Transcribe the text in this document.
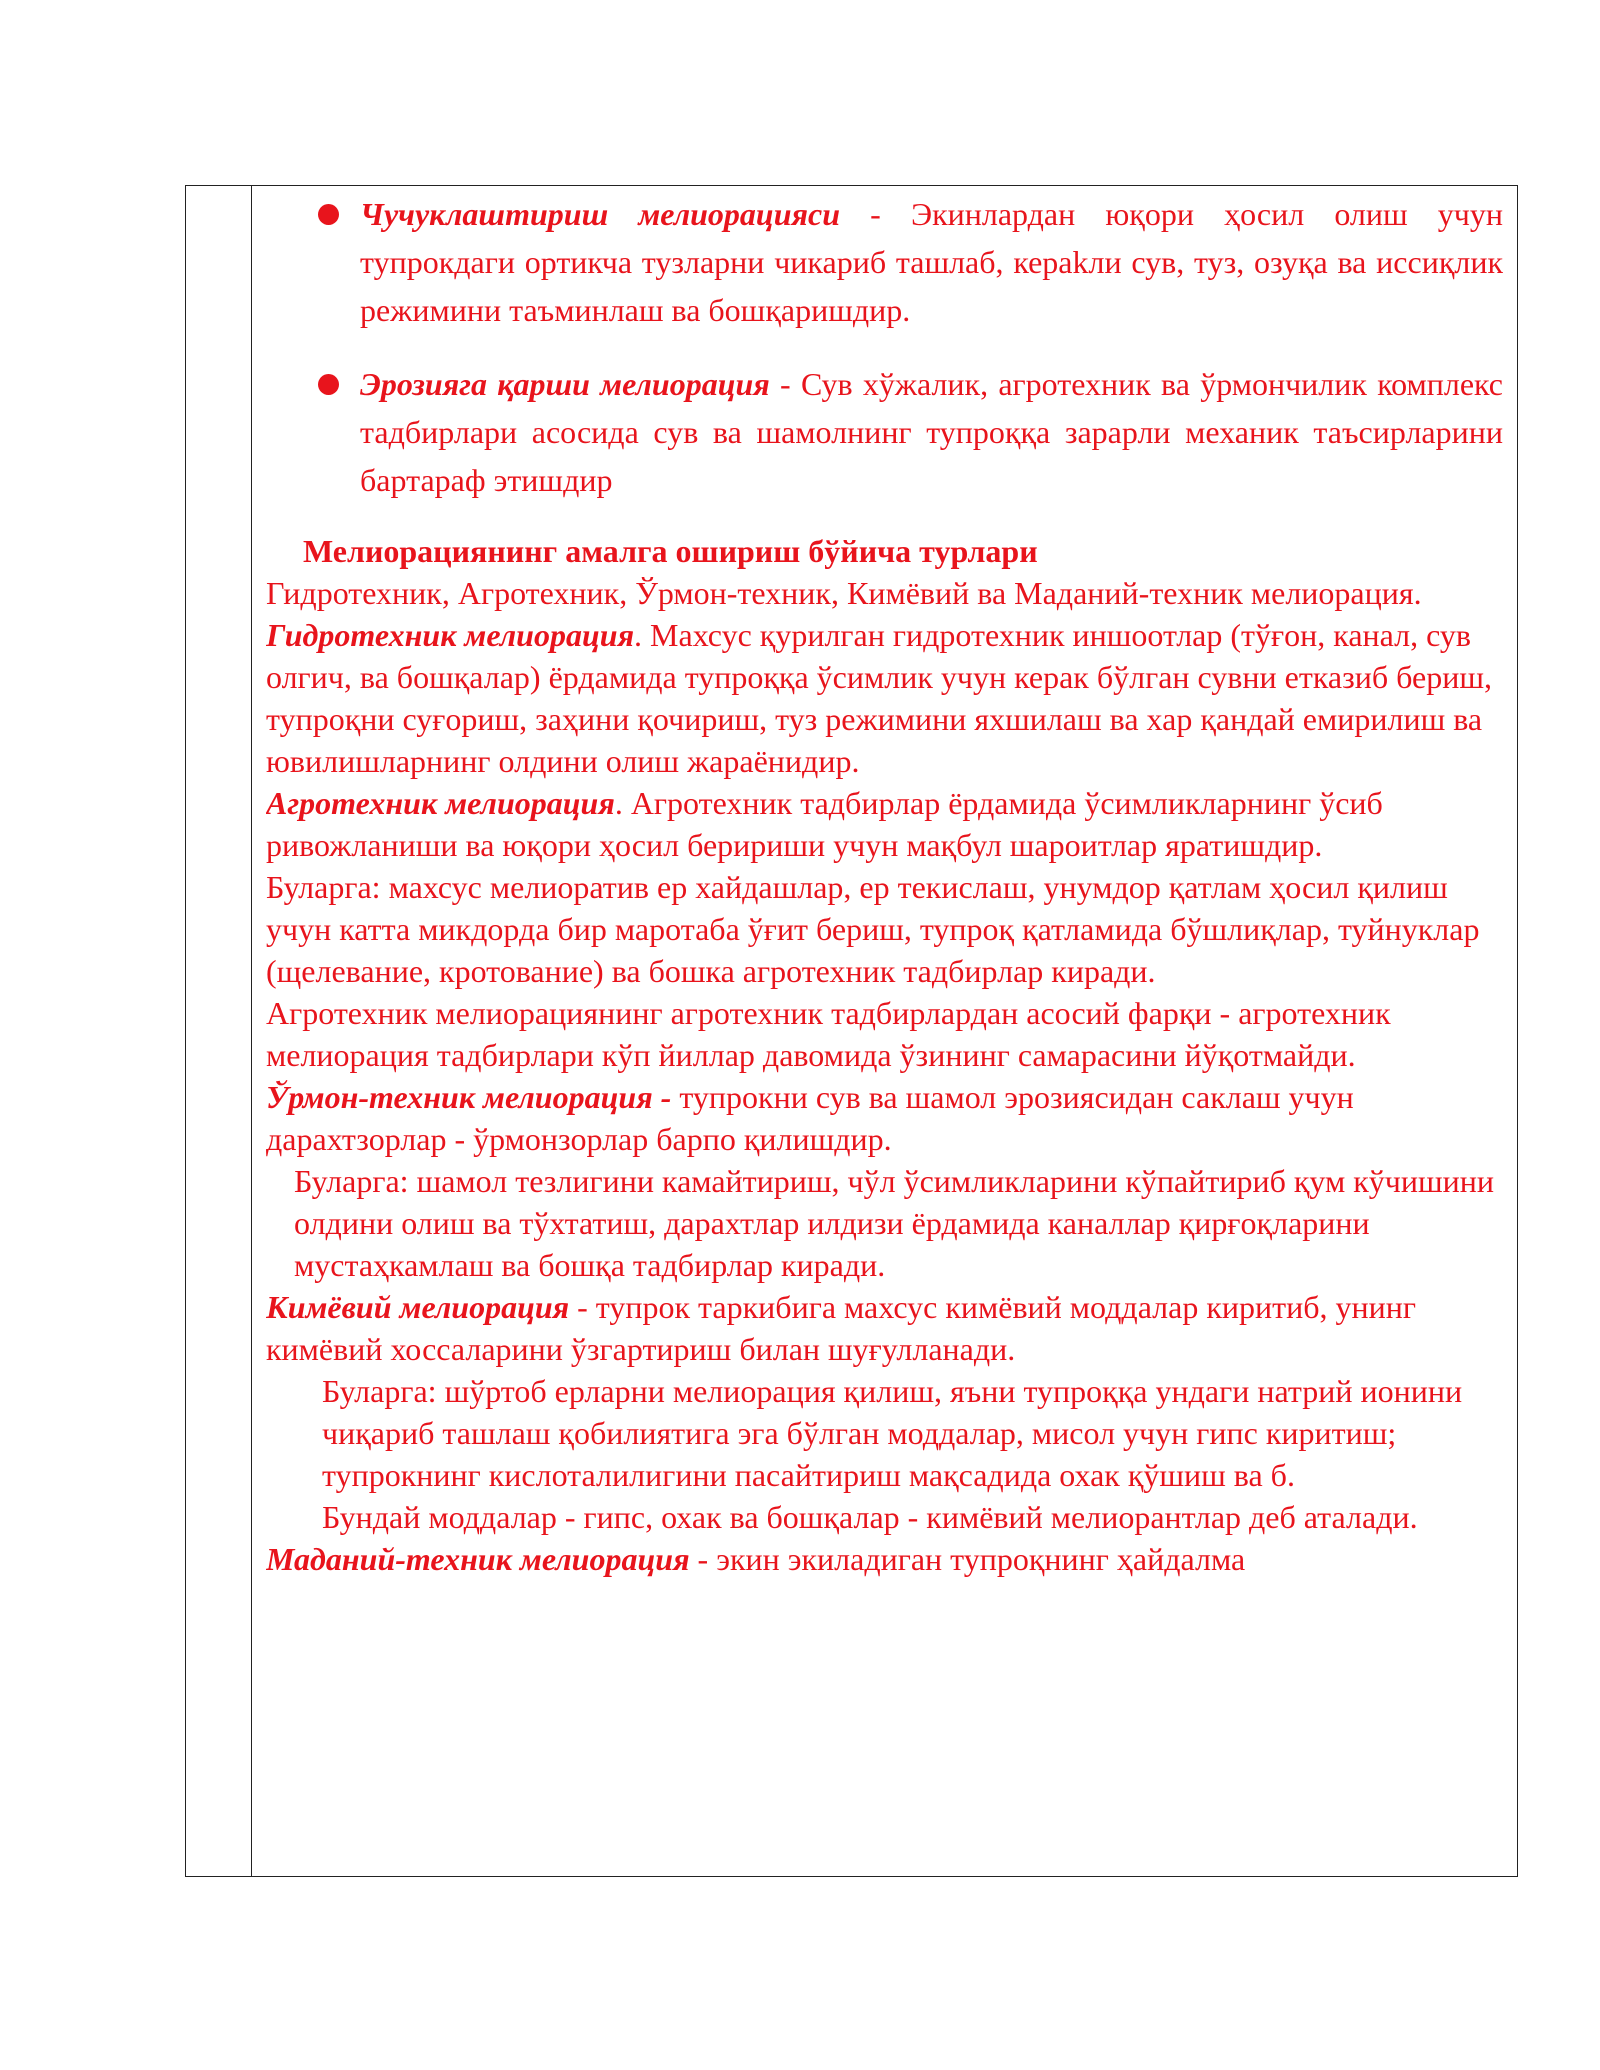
Чучуклаштириш мелиорацияси - Экинлардан юқори ҳосил олиш учун тупрокдаги ортикча тузларни чикариб ташлаб, кераkли сув, туз, озуқа ва иссиқлик режимини таъминлаш ва бошқаришдир.
Эрозияга қарши мелиорация - Сув хўжалик, агротехник ва ўрмончилик комплекс тадбирлари асосида сув ва шамолнинг тупроққа зарарли механик таъсирларини бартараф этишдир
Мелиорациянинг амалга ошириш бўйича турлари

Гидротехник, Агротехник, Ўрмон-техник, Кимёвий ва Маданий-техник мелиорация.

Гидротехник мелиорация. Махсус қурилган гидротехник иншоотлар (тўғон, канал, сув олгич, ва бошқалар) ёрдамида тупроққа ўсимлик учун керак бўлган сувни етказиб бериш, тупроқни суғориш, заҳини қочириш, туз режимини яхшилаш ва хар қандай емирилиш ва ювилишларнинг олдини олиш жараёнидир.

Агротехник мелиорация. Агротехник тадбирлар ёрдамида ўсимликларнинг ўсиб ривожланиши ва юқори ҳосил беририши учун мақбул шароитлар яратишдир.

Буларга: махсус мелиоратив ер хайдашлар, ер текислаш, унумдор қатлам ҳосил қилиш учун катта микдорда бир маротаба ўғит бериш, тупроқ қатламида бўшлиқлар, туйнуклар (щелевание, кротование) ва бошка агротехник тадбирлар киради.

Агротехник мелиорациянинг агротехник тадбирлардан асосий фарқи - агротехник мелиорация тадбирлари кўп йиллар давомида ўзининг самарасини йўқотмайди.

Ўрмон-техник мелиорация - тупрокни сув ва шамол эрозиясидан саклаш учун дарахтзорлар - ўрмонзорлар барпо қилишдир.

Буларга: шамол тезлигини камайтириш, чўл ўсимликларини кўпайтириб қум кўчишини олдини олиш ва тўхтатиш, дарахтлар илдизи ёрдамида каналлар қирғоқларини мустаҳкамлаш ва бошқа тадбирлар киради.

Кимёвий мелиорация - тупрок таркибига махсус кимёвий моддалар киритиб, унинг кимёвий хоссаларини ўзгартириш билан шуғулланади.

Буларга: шўртоб ерларни мелиорация қилиш, яъни тупроққа ундаги натрий ионини чиқариб ташлаш қобилиятига эга бўлган моддалар, мисол учун гипс киритиш; тупрокнинг кислоталилигини пасайтириш мақсадида охак қўшиш ва б.

Бундай моддалар - гипс, охак ва бошқалар - кимёвий мелиорантлар деб аталади.

Маданий-техник мелиорация - экин экиладиган тупроқнинг ҳайдалма
